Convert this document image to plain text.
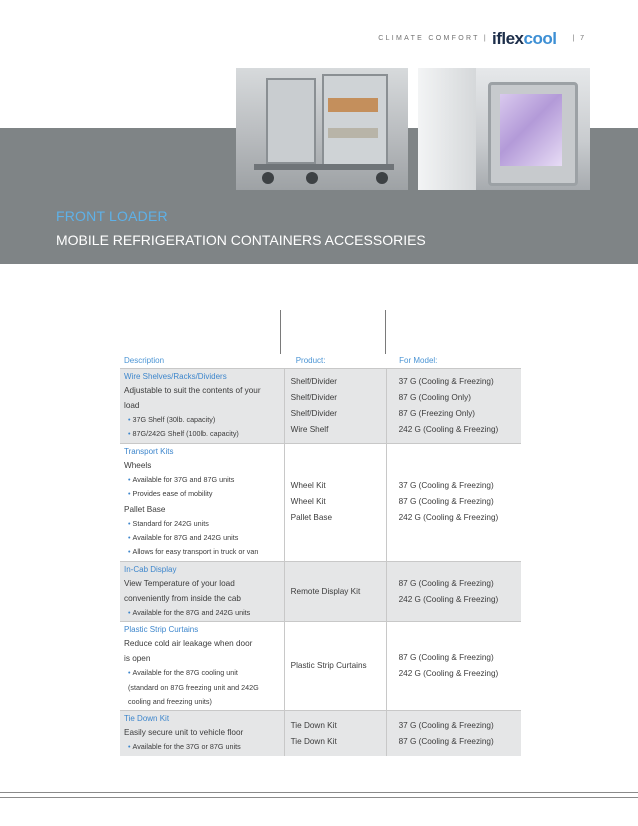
CLIMATE COMFORT | iflexcool | 7
FRONT LOADER
MOBILE REFRIGERATION CONTAINERS ACCESSORIES
Description	Product:	For Model:
Wire Shelves/Racks/Dividers
Adjustable to suit the contents of your
load
• 37G Shelf (30lb. capacity)
• 87G/242G Shelf (100lb. capacity)
Shelf/Divider
Shelf/Divider
Shelf/Divider
Wire Shelf
37 G (Cooling & Freezing)
87 G (Cooling Only)
87 G (Freezing Only)
242 G (Cooling & Freezing)
Transport Kits
Wheels
• Available for 37G and 87G units
• Provides ease of mobility
Pallet Base
• Standard for 242G units
• Available for 87G and 242G units
• Allows for easy transport in truck or van
Wheel Kit
Wheel Kit
Pallet Base
37 G (Cooling & Freezing)
87 G (Cooling & Freezing)
242 G (Cooling & Freezing)
In-Cab Display
View Temperature of your load
conveniently from inside the cab
• Available for the 87G and 242G units
Remote Display Kit
87 G (Cooling & Freezing)
242 G (Cooling & Freezing)
Plastic Strip Curtains
Reduce cold air leakage when door
is open
• Available for the 87G cooling unit
(standard on 87G freezing unit and 242G
cooling and freezing units)
Plastic Strip Curtains
87 G (Cooling & Freezing)
242 G (Cooling & Freezing)
Tie Down Kit
Easily secure unit to vehicle floor
• Available for the 37G or 87G units
Tie Down Kit
Tie Down Kit
37 G (Cooling & Freezing)
87 G (Cooling & Freezing)
